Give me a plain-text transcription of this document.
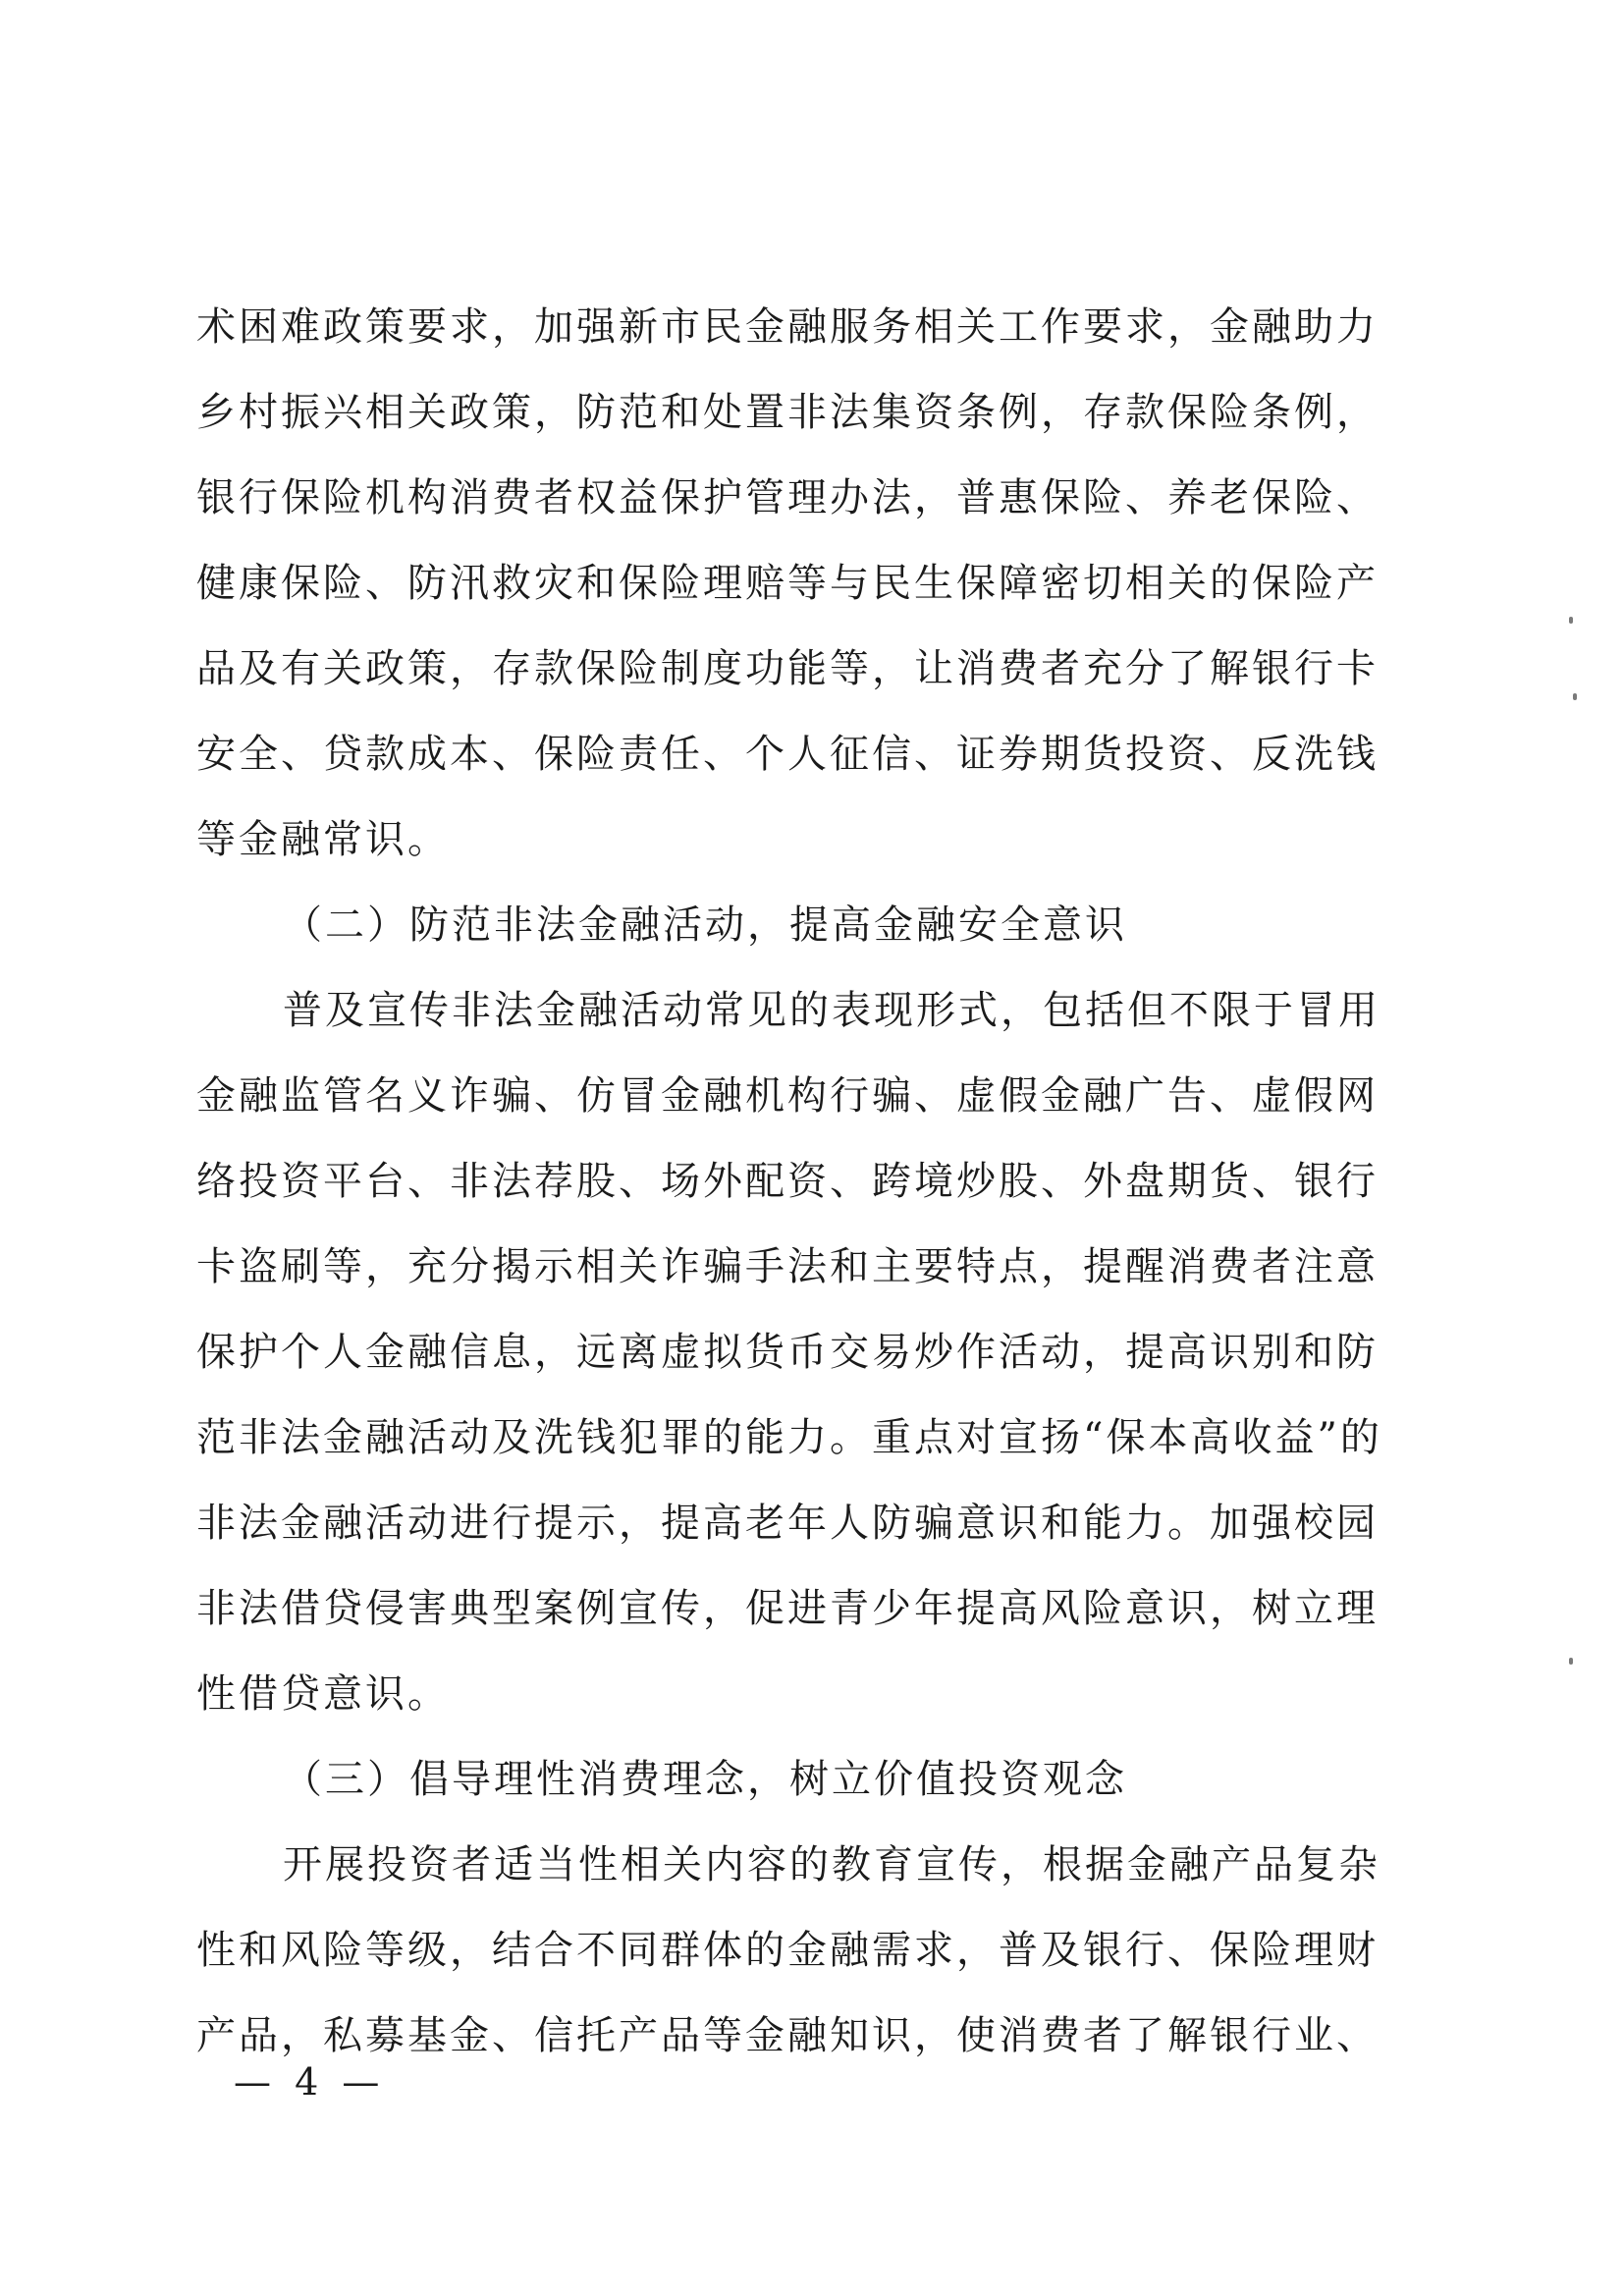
术困难政策要求，加强新市民金融服务相关工作要求，金融助力
乡村振兴相关政策，防范和处置非法集资条例，存款保险条例，
银行保险机构消费者权益保护管理办法，普惠保险、养老保险、
健康保险、防汛救灾和保险理赔等与民生保障密切相关的保险产
品及有关政策，存款保险制度功能等，让消费者充分了解银行卡
安全、贷款成本、保险责任、个人征信、证券期货投资、反洗钱
等金融常识。
（二）防范非法金融活动，提高金融安全意识
普及宣传非法金融活动常见的表现形式，包括但不限于冒用
金融监管名义诈骗、仿冒金融机构行骗、虚假金融广告、虚假网
络投资平台、非法荐股、场外配资、跨境炒股、外盘期货、银行
卡盗刷等，充分揭示相关诈骗手法和主要特点，提醒消费者注意
保护个人金融信息，远离虚拟货币交易炒作活动，提高识别和防
范非法金融活动及洗钱犯罪的能力。重点对宣扬“保本高收益”的
非法金融活动进行提示，提高老年人防骗意识和能力。加强校园
非法借贷侵害典型案例宣传，促进青少年提高风险意识，树立理
性借贷意识。
（三）倡导理性消费理念，树立价值投资观念
开展投资者适当性相关内容的教育宣传，根据金融产品复杂
性和风险等级，结合不同群体的金融需求，普及银行、保险理财
产品，私募基金、信托产品等金融知识，使消费者了解银行业、
— 4 —
